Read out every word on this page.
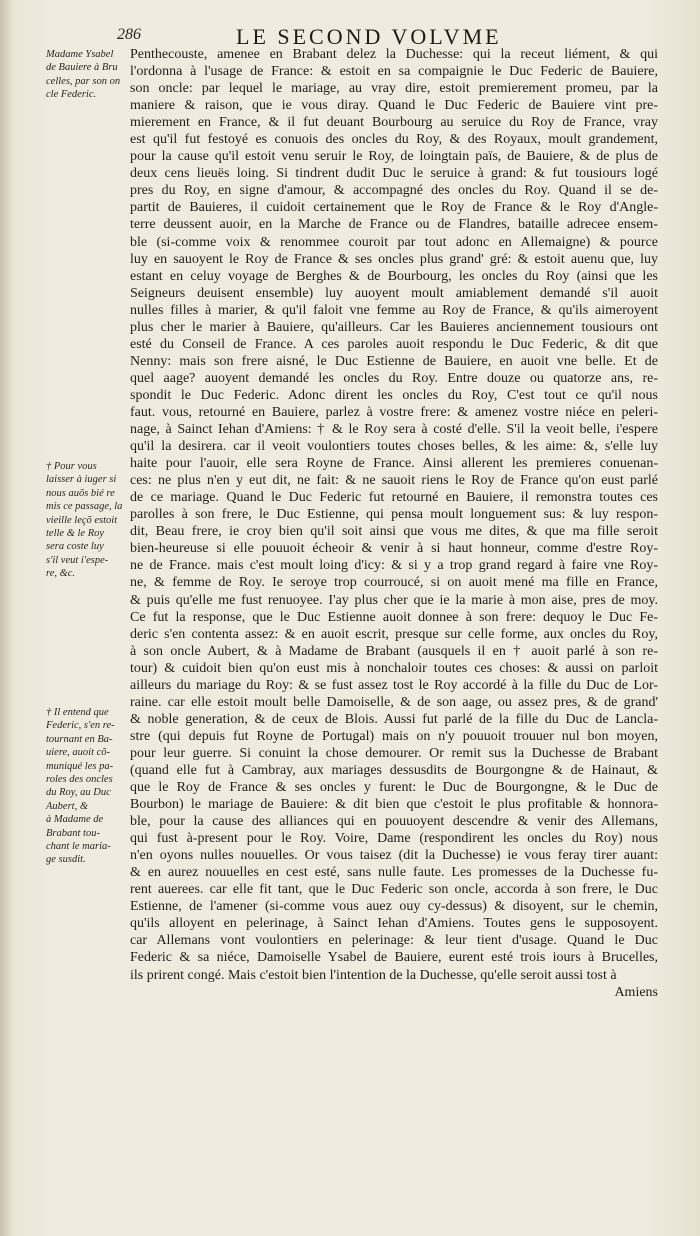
286	LE SECOND VOLVME
Madame Ysabel
de Bauiere à Bru
celles, par son on
cle Federic.
† Pour vous
laisser à iuger si
nous auõs bié re
mis ce passage, la
vieille leçõ estoit
telle & le Roy
sera coste luy
s'il veut i'espe-
re, &c.
† Il entend que
Federic, s'en re-
tournant en Ba-
uiere, auoit cõ-
muniqué les pa-
roles des oncles
du Roy, au Duc
Aubert, &
à Madame de
Brabant tou-
chant le maria-
ge susdit.
Penthecouste, amenee en Brabant delez la Duchesse: qui la receut liément, & qui
l'ordonna à l'usage de France: & estoit en sa compaignie le Duc Federic de Bauiere,
son oncle: par lequel le mariage, au vray dire, estoit premierement promeu, par la
maniere & raison, que ie vous diray. Quand le Duc Federic de Bauiere vint pre-
mierement en France, & il fut deuant Bourbourg au seruice du Roy de France, vray
est qu'il fut festoyé es conuois des oncles du Roy, & des Royaux, moult grandement,
pour la cause qu'il estoit venu seruir le Roy, de loingtain païs, de Bauiere, & de plus de
deux cens lieuës loing. Si tindrent dudit Duc le seruice à grand: & fut tousiours logé
pres du Roy, en signe d'amour, & accompagné des oncles du Roy. Quand il se de-
partit de Bauieres, il cuidoit certainement que le Roy de France & le Roy d'Angle-
terre deussent auoir, en la Marche de France ou de Flandres, bataille adrecee ensem-
ble (si-comme voix & renommee couroit par tout adonc en Allemaigne) & pource
luy en sauoyent le Roy de France & ses oncles plus grand' gré: & estoit auenu que, luy
estant en celuy voyage de Berghes & de Bourbourg, les oncles du Roy (ainsi que les
Seigneurs deuisent ensemble) luy auoyent moult amiablement demandé s'il auoit
nulles filles à marier, & qu'il faloit vne femme au Roy de France, & qu'ils aimeroyent
plus cher le marier à Bauiere, qu'ailleurs. Car les Bauieres anciennement tousiours ont
esté du Conseil de France. A ces paroles auoit respondu le Duc Federic, & dit que
Nenny: mais son frere aisné, le Duc Estienne de Bauiere, en auoit vne belle. Et de
quel aage? auoyent demandé les oncles du Roy. Entre douze ou quatorze ans, re-
spondit le Duc Federic. Adonc dirent les oncles du Roy, C'est tout ce qu'il nous
faut. vous, retourné en Bauiere, parlez à vostre frere: & amenez vostre niéce en peleri-
nage, à Sainct Iehan d'Amiens: † & le Roy sera à costé d'elle. S'il la veoit belle, i'espere
qu'il la desirera. car il veoit voulontiers toutes choses belles, & les aime: &, s'elle luy
haite pour l'auoir, elle sera Royne de France. Ainsi allerent les premieres conuenan-
ces: ne plus n'en y eut dit, ne fait: & ne sauoit riens le Roy de France qu'on eust parlé
de ce mariage. Quand le Duc Federic fut retourné en Bauiere, il remonstra toutes ces
parolles à son frere, le Duc Estienne, qui pensa moult longuement sus: & luy respon-
dit, Beau frere, ie croy bien qu'il soit ainsi que vous me dites, & que ma fille seroit
bien-heureuse si elle pouuoit écheoir & venir à si haut honneur, comme d'estre Roy-
ne de France. mais c'est moult loing d'icy: & si y a trop grand regard à faire vne Roy-
ne, & femme de Roy. Ie seroye trop courroucé, si on auoit mené ma fille en France,
& puis qu'elle me fust renuoyee. I'ay plus cher que ie la marie à mon aise, pres de moy.
Ce fut la response, que le Duc Estienne auoit donnee à son frere: dequoy le Duc Fe-
deric s'en contenta assez: & en auoit escrit, presque sur celle forme, aux oncles du Roy,
à son oncle Aubert, & à Madame de Brabant (ausquels il en † auoit parlé à son re-
tour) & cuidoit bien qu'on eust mis à nonchaloir toutes ces choses: & aussi on parloit
ailleurs du mariage du Roy: & se fust assez tost le Roy accordé à la fille du Duc de Lor-
raine. car elle estoit moult belle Damoiselle, & de son aage, ou assez pres, & de grand'
& noble generation, & de ceux de Blois. Aussi fut parlé de la fille du Duc de Lancla-
stre (qui depuis fut Royne de Portugal) mais on n'y pouuoit trouuer nul bon moyen,
pour leur guerre. Si conuint la chose demourer. Or remit sus la Duchesse de Brabant
(quand elle fut à Cambray, aux mariages dessusdits de Bourgongne & de Hainaut, &
que le Roy de France & ses oncles y furent: le Duc de Bourgongne, & le Duc de
Bourbon) le mariage de Bauiere: & dit bien que c'estoit le plus profitable & honnora-
ble, pour la cause des alliances qui en pouuoyent descendre & venir des Allemans,
qui fust à-present pour le Roy. Voire, Dame (respondirent les oncles du Roy) nous
n'en oyons nulles nouuelles. Or vous taisez (dit la Duchesse) ie vous feray tirer auant:
& en aurez nouuelles en cest esté, sans nulle faute. Les promesses de la Duchesse fu-
rent auerees. car elle fit tant, que le Duc Federic son oncle, accorda à son frere, le Duc
Estienne, de l'amener (si-comme vous auez ouy cy-dessus) & disoyent, sur le chemin,
qu'ils alloyent en pelerinage, à Sainct Iehan d'Amiens. Toutes gens le supposoyent.
car Allemans vont voulontiers en pelerinage: & leur tient d'usage. Quand le Duc
Federic & sa niéce, Damoiselle Ysabel de Bauiere, eurent esté trois iours à Brucelles,
ils prirent congé. Mais c'estoit bien l'intention de la Duchesse, qu'elle seroit aussi tost à
Amiens
